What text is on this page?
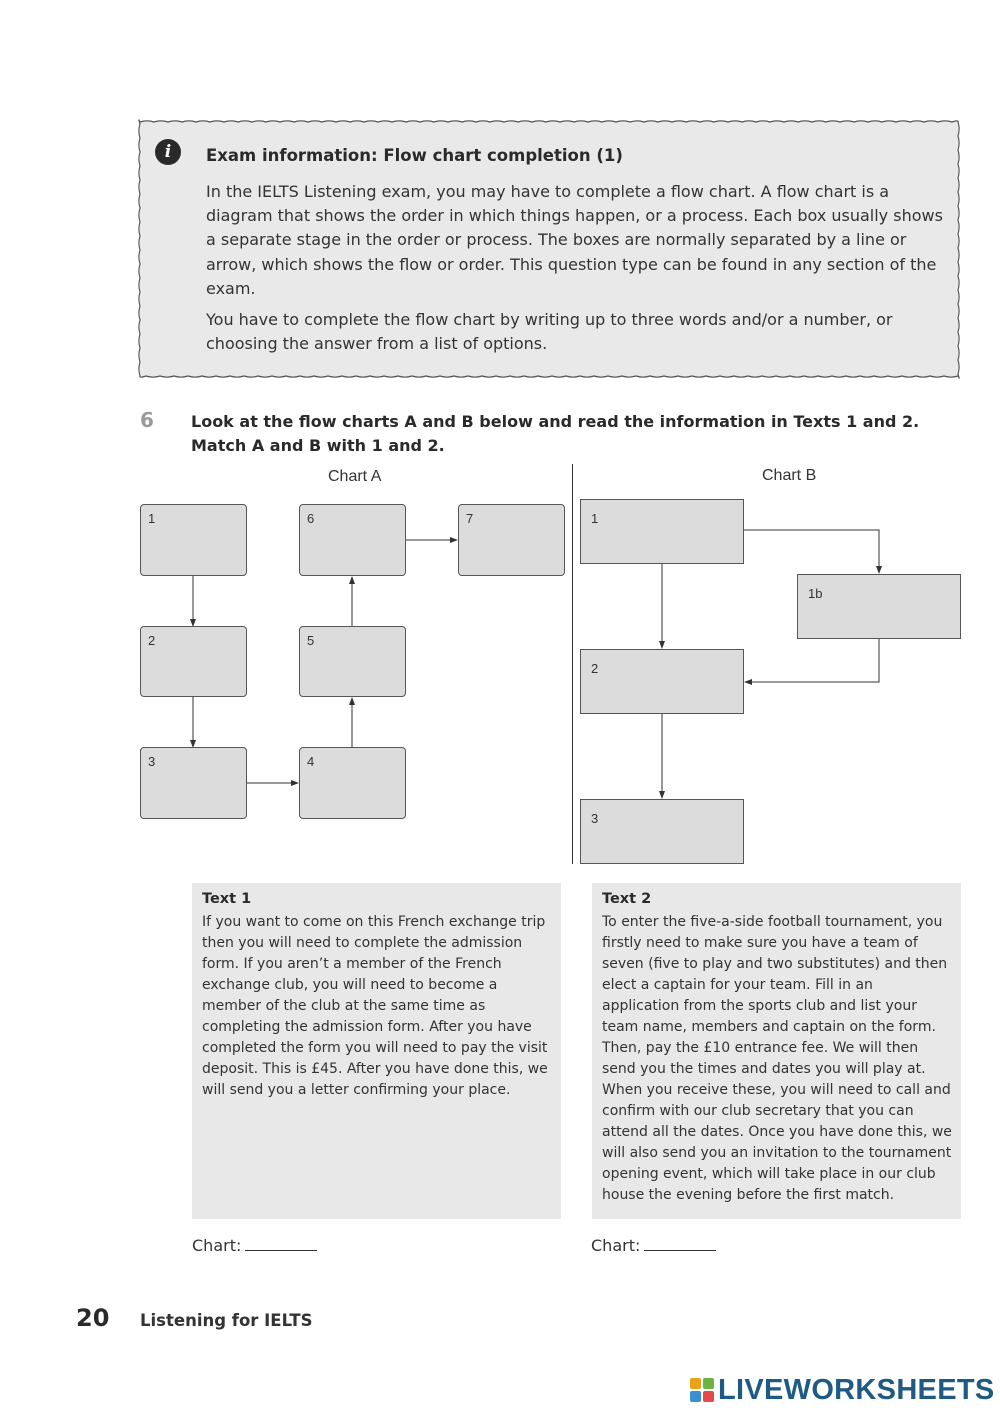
i	Exam information: Flow chart completion (1)
In the IELTS Listening exam, you may have to complete a flow chart. A flow chart is a diagram that shows the order in which things happen, or a process. Each box usually shows a separate stage in the order or process. The boxes are normally separated by a line or arrow, which shows the flow or order. This question type can be found in any section of the exam.
You have to complete the flow chart by writing up to three words and/or a number, or choosing the answer from a list of options.
6 Look at the flow charts A and B below and read the information in Texts 1 and 2. Match A and B with 1 and 2.
Chart A	Chart B
1
2
3	4
5
6	7	1
1b
2
3
Text 1
If you want to come on this French exchange trip then you will need to complete the admission form. If you aren’t a member of the French exchange club, you will need to become a member of the club at the same time as completing the admission form. After you have completed the form you will need to pay the visit deposit. This is £45. After you have done this, we will send you a letter confirming your place.
Text 2
To enter the five-a-side football tournament, you firstly need to make sure you have a team of seven (five to play and two substitutes) and then elect a captain for your team. Fill in an application from the sports club and list your team name, members and captain on the form. Then, pay the £10 entrance fee. We will then send you the times and dates you will play at. When you receive these, you will need to call and confirm with our club secretary that you can attend all the dates. Once you have done this, we will also send you an invitation to the tournament opening event, which will take place in our club house the evening before the first match.
Chart:	Chart:
20 Listening for IELTS
LIVEWORKSHEETS
